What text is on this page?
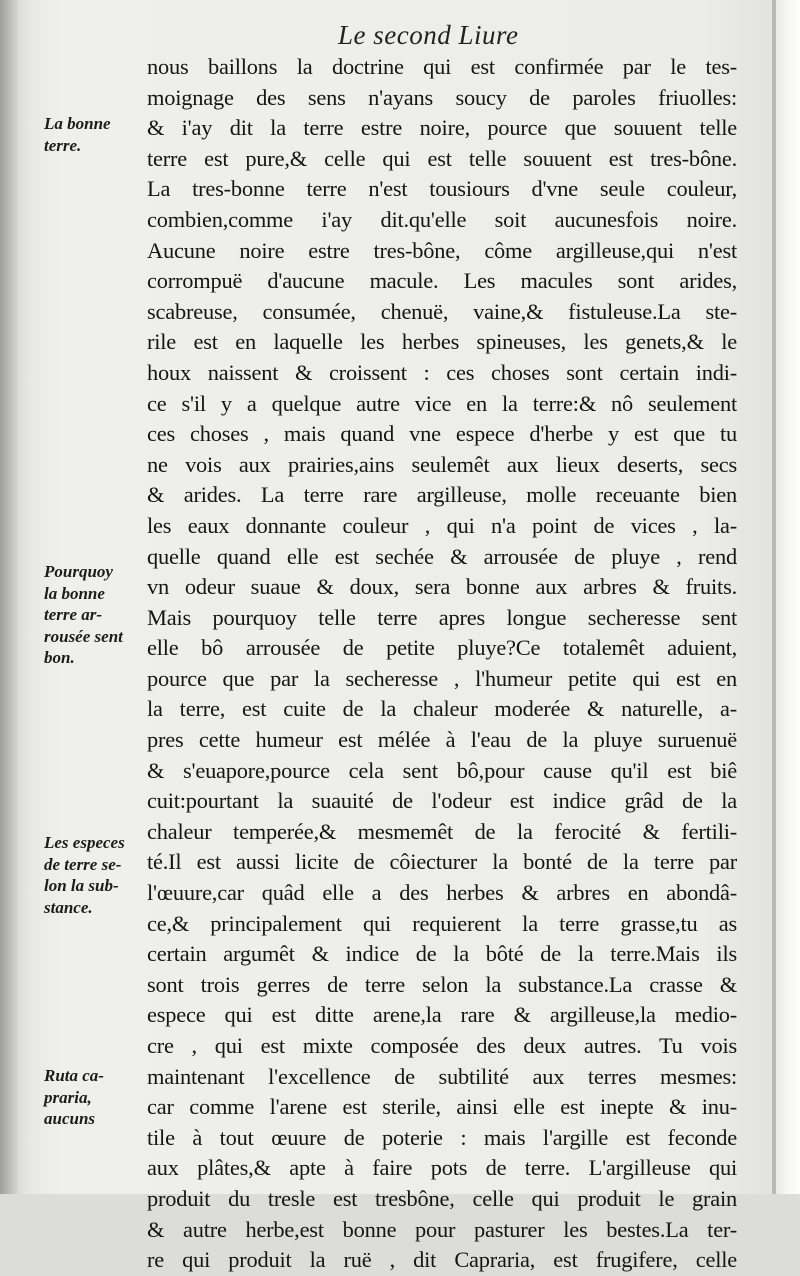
Le second Liure
nous baillons la doctrine qui est confirmée par le tes-
moignage des sens n'ayans soucy de paroles friuolles:
& i'ay dit la terre estre noire, pource que souuent telle
terre est pure,& celle qui est telle souuent est tres-bône.
La tres-bonne terre n'est tousiours d'vne seule couleur,
combien,comme i'ay dit.qu'elle soit aucunesfois noire.
Aucune noire estre tres-bône, côme argilleuse,qui n'est
corrompuë d'aucune macule. Les macules sont arides,
scabreuse, consumée, chenuë, vaine,& fistuleuse.La ste-
rile est en laquelle les herbes spineuses, les genets,& le
houx naissent & croissent : ces choses sont certain indi-
ce s'il y a quelque autre vice en la terre:& nô seulement
ces choses , mais quand vne espece d'herbe y est que tu
ne vois aux prairies,ains seulemêt aux lieux deserts, secs
& arides. La terre rare argilleuse, molle receuante bien
les eaux donnante couleur , qui n'a point de vices , la-
quelle quand elle est sechée & arrousée de pluye , rend
vn odeur suaue & doux, sera bonne aux arbres & fruits.
Mais pourquoy telle terre apres longue secheresse sent
elle bô arrousée de petite pluye?Ce totalemêt aduient,
pource que par la secheresse , l'humeur petite qui est en
la terre, est cuite de la chaleur moderée & naturelle, a-
pres cette humeur est mélée à l'eau de la pluye suruenuë
& s'euapore,pource cela sent bô,pour cause qu'il est biê
cuit:pourtant la suauité de l'odeur est indice grâd de la
chaleur temperée,& mesmemêt de la ferocité & fertili-
té.Il est aussi licite de côiecturer la bonté de la terre par
l'œuure,car quâd elle a des herbes & arbres en abondâ-
ce,& principalement qui requierent la terre grasse,tu as
certain argumêt & indice de la bôté de la terre.Mais ils
sont trois gerres de terre selon la substance.La crasse &
espece qui est ditte arene,la rare & argilleuse,la medio-
cre , qui est mixte composée des deux autres. Tu vois
maintenant l'excellence de subtilité aux terres mesmes:
car comme l'arene est sterile, ainsi elle est inepte & inu-
tile à tout œuure de poterie : mais l'argille est feconde
aux plâtes,& apte à faire pots de terre. L'argilleuse qui
produit du tresle est tresbône, celle qui produit le grain
& autre herbe,est bonne pour pasturer les bestes.La ter-
re qui produit la ruë , dit Capraria, est frugifere, celle
La bonne
terre.
Pourquoy
la bonne
terre ar-
rousée sent
bon.
Les especes
de terre se-
lon la sub-
stance.
Ruta ca-
praria,
aucuns
